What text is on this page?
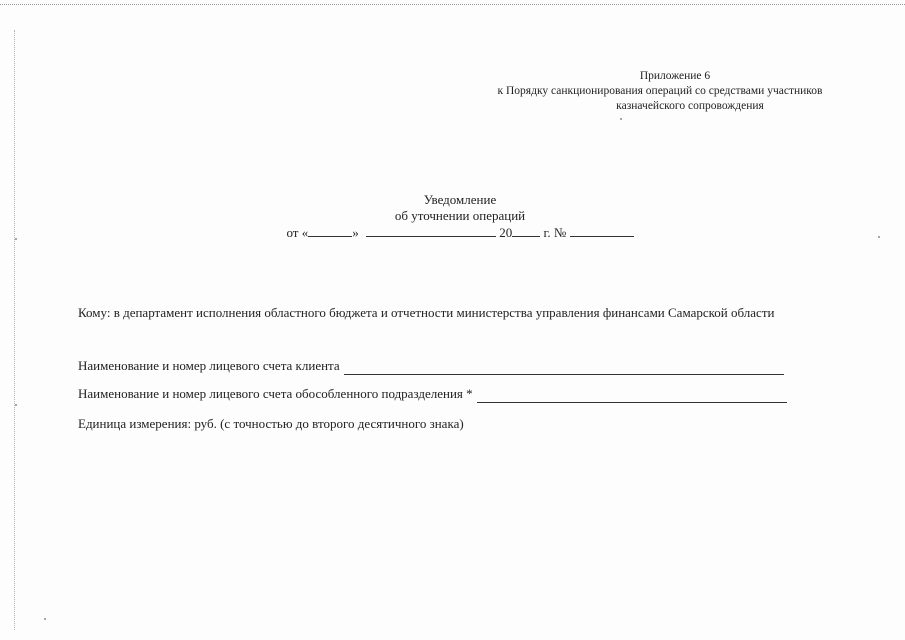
Приложение 6
к Порядку санкционирования операций со средствами участников
казначейского сопровождения
Уведомление
об уточнении операций
от «	»	20 г. №
Кому: в департамент исполнения областного бюджета и отчетности министерства управления финансами Самарской области
Наименование и номер лицевого счета клиента
Наименование и номер лицевого счета обособленного подразделения *
Единица измерения: руб. (с точностью до второго десятичного знака)
